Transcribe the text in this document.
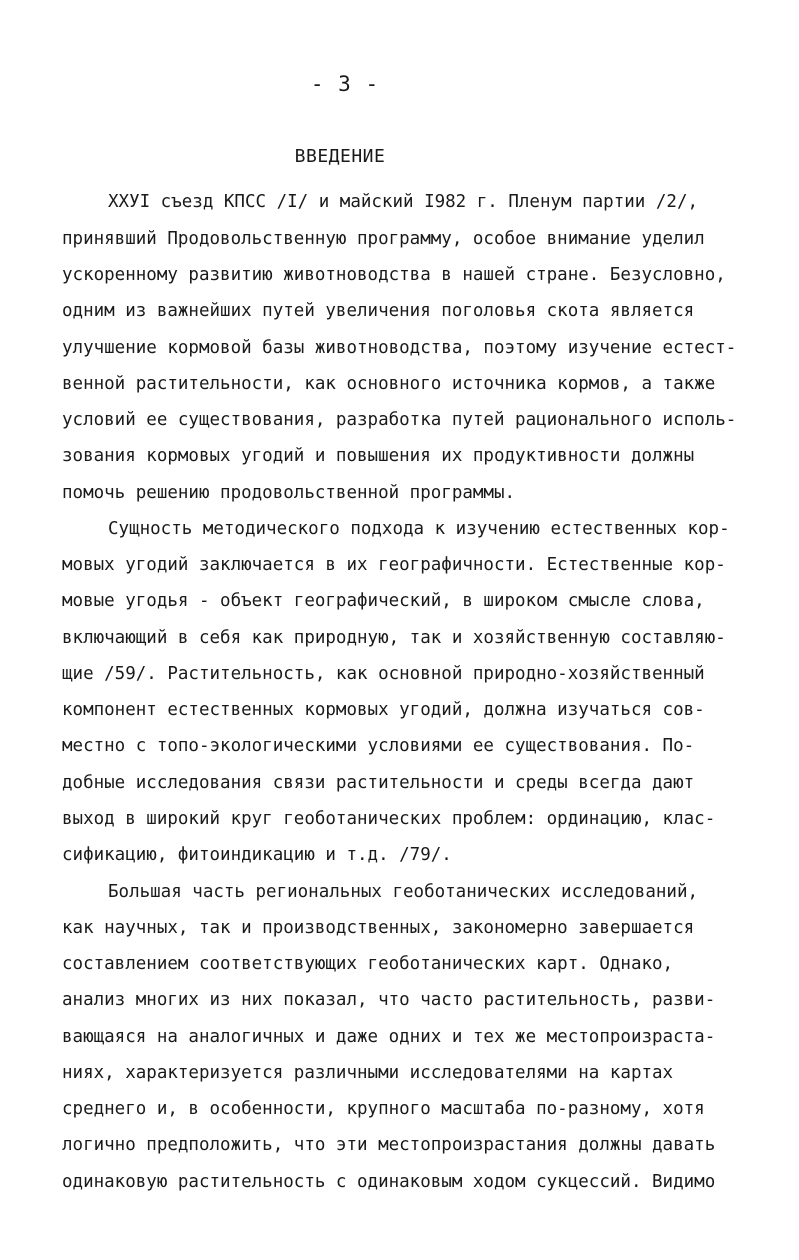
- 3 -
ВВЕДЕНИЕ
ХХУІ съезд КПСС /І/ и майский І982 г. Пленум партии /2/,
принявший Продовольственную программу, особое внимание уделил
ускоренному развитию животноводства в нашей стране. Безусловно,
одним из важнейших путей увеличения поголовья скота является
улучшение кормовой базы животноводства, поэтому изучение естест-
венной растительности, как основного источника кормов, а также
условий ее существования, разработка путей рационального исполь-
зования кормовых угодий и повышения их продуктивности должны
помочь решению продовольственной программы.
Сущность методического подхода к изучению естественных кор-
мовых угодий заключается в их географичности. Естественные кор-
мовые угодья - объект географический, в широком смысле слова,
включающий в себя как природную, так и хозяйственную составляю-
щие /59/. Растительность, как основной природно-хозяйственный
компонент естественных кормовых угодий, должна изучаться сов-
местно с топо-экологическими условиями ее существования. По-
добные исследования связи растительности и среды всегда дают
выход в широкий круг геоботанических проблем: ординацию, клас-
сификацию, фитоиндикацию и т.д. /79/.
Большая часть региональных геоботанических исследований,
как научных, так и производственных, закономерно завершается
составлением соответствующих геоботанических карт. Однако,
анализ многих из них показал, что часто растительность, разви-
вающаяся на аналогичных и даже одних и тех же местопроизраста-
ниях, характеризуется различными исследователями на картах
среднего и, в особенности, крупного масштаба по-разному, хотя
логично предположить, что эти местопроизрастания должны давать
одинаковую растительность с одинаковым ходом сукцессий. Видимо
